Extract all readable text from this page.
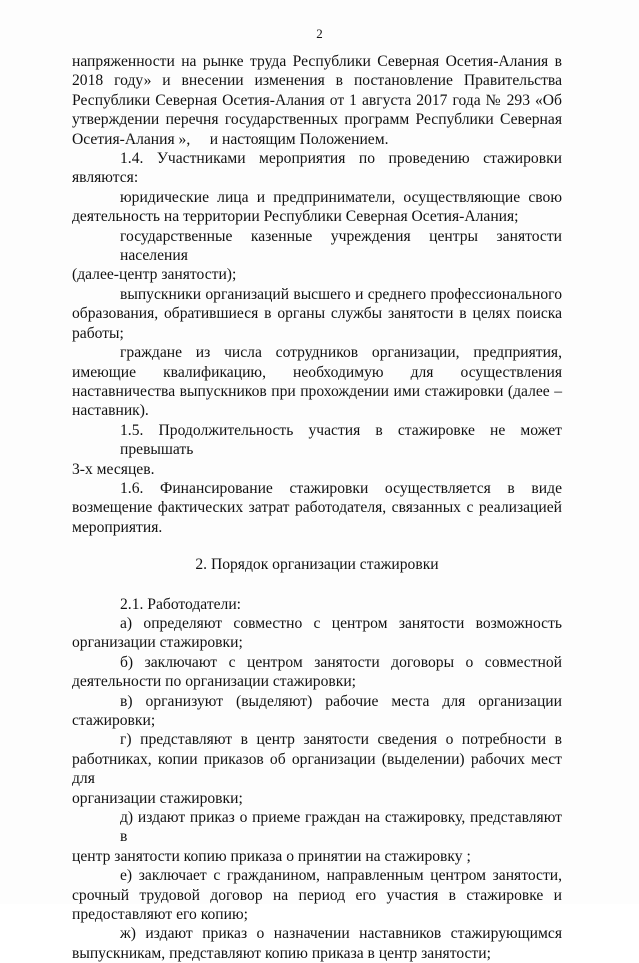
2
напряженности на рынке труда Республики Северная Осетия-Алания в
2018 году» и внесении изменения в постановление Правительства
Республики Северная Осетия-Алания от 1 августа 2017 года № 293 «Об
утверждении перечня государственных программ Республики Северная
Осетия-Алания »,     и настоящим Положением.
1.4. Участниками мероприятия по проведению стажировки
являются:
юридические лица и предприниматели, осуществляющие свою
деятельность на территории Республики Северная Осетия-Алания;
государственные казенные учреждения центры занятости населения
(далее-центр занятости);
выпускники организаций высшего и среднего профессионального
образования, обратившиеся в органы службы занятости в целях поиска
работы;
граждане из числа сотрудников организации, предприятия,
имеющие квалификацию, необходимую для осуществления
наставничества выпускников при прохождении ими стажировки (далее –
наставник).
1.5. Продолжительность участия в стажировке не может превышать
3-х месяцев.
1.6. Финансирование стажировки осуществляется в виде
возмещение фактических затрат работодателя, связанных с реализацией
мероприятия.
2. Порядок организации стажировки
2.1. Работодатели:
а) определяют совместно с центром занятости возможность
организации стажировки;
б) заключают с центром занятости договоры о совместной
деятельности по организации стажировки;
в) организуют (выделяют) рабочие места для организации
стажировки;
г) представляют в центр занятости сведения о потребности в
работниках, копии приказов об организации (выделении) рабочих мест для
организации стажировки;
д) издают приказ о приеме граждан на стажировку, представляют в
центр занятости копию приказа о принятии на стажировку ;
е) заключает с гражданином, направленным центром занятости,
срочный трудовой договор на период его участия в стажировке и
предоставляют его копию;
ж) издают приказ о назначении наставников стажирующимся
выпускникам, представляют копию приказа в центр занятости;
